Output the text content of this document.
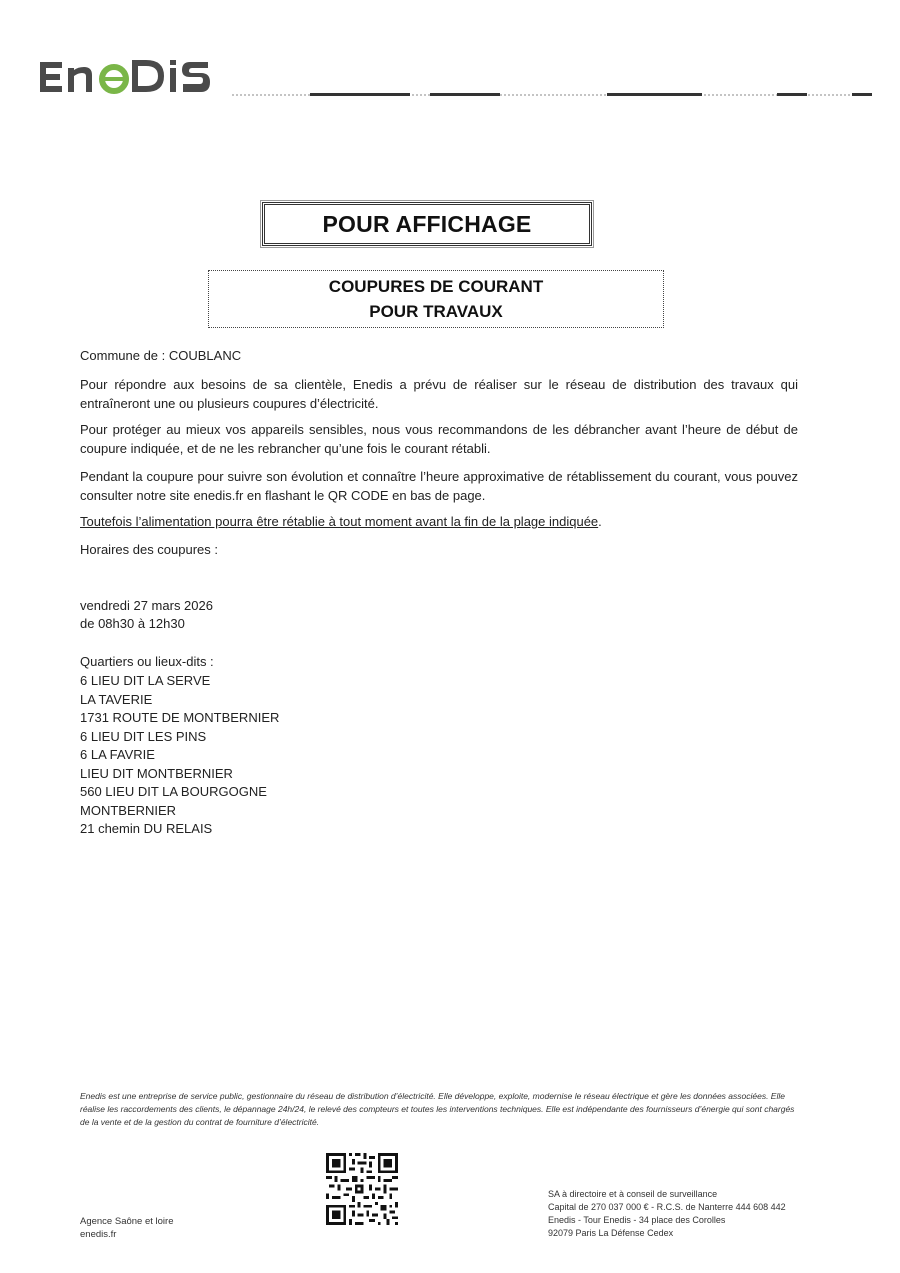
POUR AFFICHAGE
COUPURES DE COURANT
POUR TRAVAUX
Commune de : COUBLANC
Pour répondre aux besoins de sa clientèle, Enedis a prévu de réaliser sur le réseau de distribution des travaux qui entraîneront une ou plusieurs coupures d’électricité.
Pour protéger au mieux vos appareils sensibles, nous vous recommandons de les débrancher avant l’heure de début de coupure indiquée, et de ne les rebrancher qu’une fois le courant rétabli.
Pendant la coupure pour suivre son évolution et connaître l’heure approximative de rétablissement du courant, vous pouvez consulter notre site enedis.fr en flashant le QR CODE en bas de page.
Toutefois l’alimentation pourra être rétablie à tout moment avant la fin de la plage indiquée.
Horaires des coupures :
vendredi 27 mars 2026
de 08h30 à 12h30
Quartiers ou lieux-dits :
6 LIEU DIT LA SERVE
LA TAVERIE
1731 ROUTE DE MONTBERNIER
6 LIEU DIT LES PINS
6 LA FAVRIE
LIEU DIT MONTBERNIER
560 LIEU DIT LA BOURGOGNE
MONTBERNIER
21 chemin DU RELAIS
Enedis est une entreprise de service public, gestionnaire du réseau de distribution d’électricité. Elle développe, exploite, modernise le réseau électrique et gère les données associées. Elle réalise les raccordements des clients, le dépannage 24h/24, le relevé des compteurs et toutes les interventions techniques. Elle est indépendante des fournisseurs d’énergie qui sont chargés de la vente et de la gestion du contrat de fourniture d’électricité.
Agence Saône et loire
enedis.fr
SA à directoire et à conseil de surveillance
Capital de 270 037 000 € - R.C.S. de Nanterre 444 608 442
Enedis - Tour Enedis - 34 place des Corolles
92079 Paris La Défense Cedex
